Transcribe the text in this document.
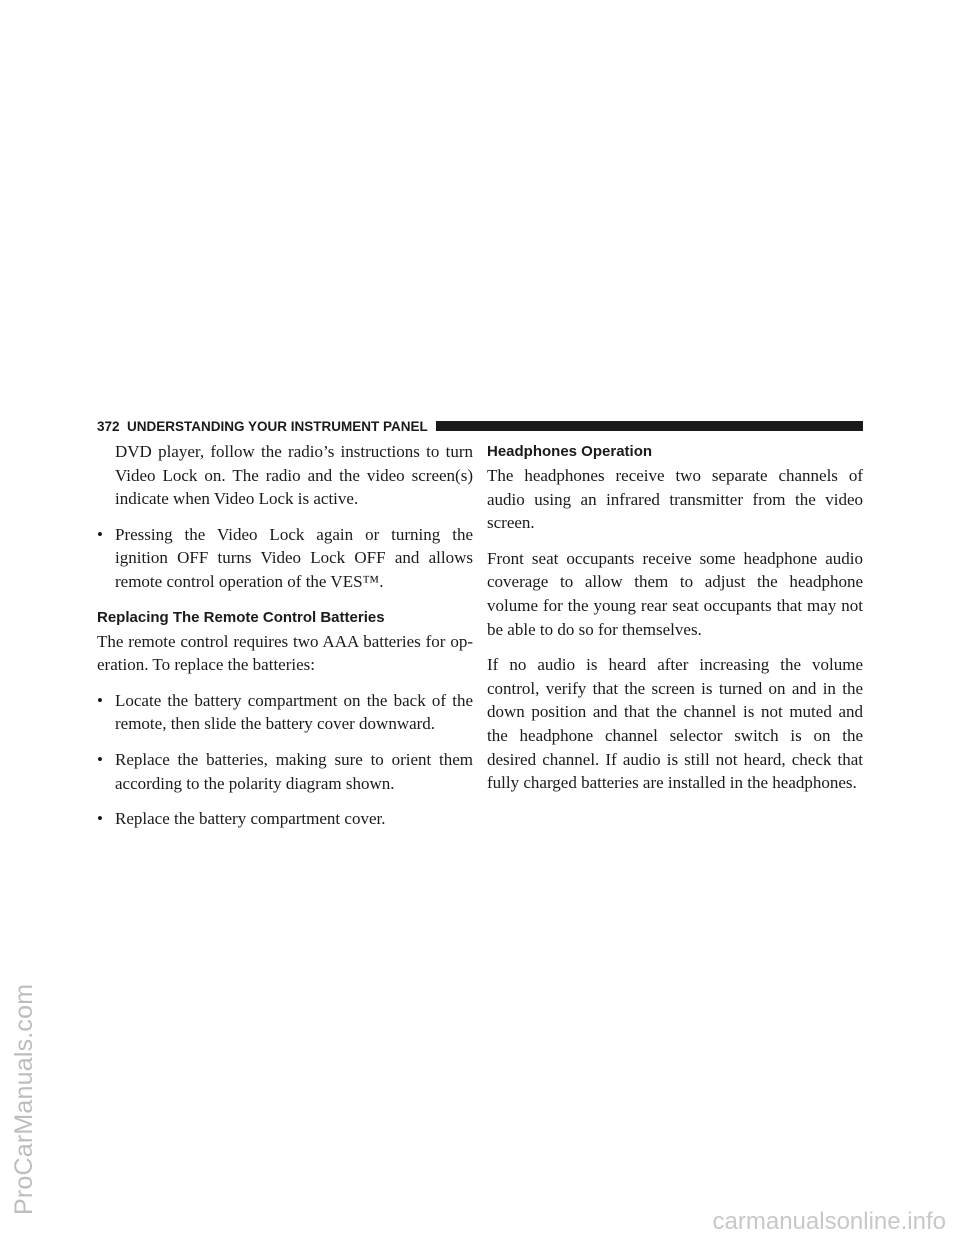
ProCarManuals.com
372 UNDERSTANDING YOUR INSTRUMENT PANEL

DVD player, follow the radio’s instructions to turn Video Lock on. The radio and the video screen(s) indicate when Video Lock is active.

• Pressing the Video Lock again or turning the ignition OFF turns Video Lock OFF and allows remote control operation of the VES™.
Replacing The Remote Control Batteries

The remote control requires two AAA batteries for op- eration. To replace the batteries:

• Locate the battery compartment on the back of the remote, then slide the battery cover downward.
• Replace the batteries, making sure to orient them according to the polarity diagram shown.
• Replace the battery compartment cover.
Headphones Operation

The headphones receive two separate channels of audio using an infrared transmitter from the video screen.

Front seat occupants receive some headphone audio coverage to allow them to adjust the headphone volume for the young rear seat occupants that may not be able to do so for themselves.

If no audio is heard after increasing the volume control, verify that the screen is turned on and in the down position and that the channel is not muted and the headphone channel selector switch is on the desired channel. If audio is still not heard, check that fully charged batteries are installed in the headphones.

carmanualsonline.info
